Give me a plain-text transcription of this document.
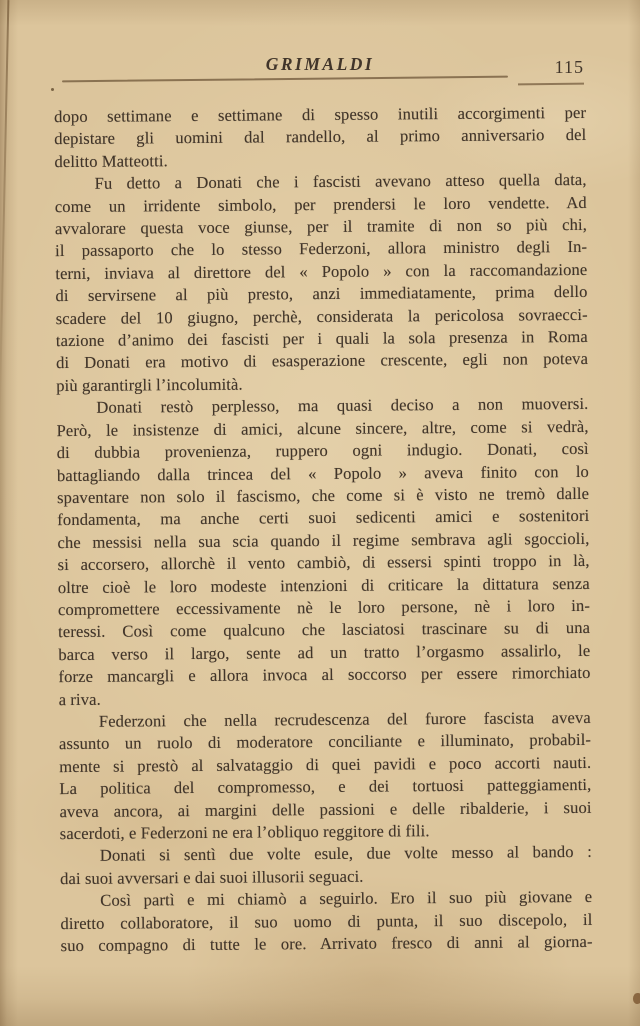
GRIMALDI	115
dopo settimane e settimane di spesso inutili accorgimenti per
depistare gli uomini dal randello, al primo anniversario del
delitto Matteotti.
Fu detto a Donati che i fascisti avevano atteso quella data,
come un irridente simbolo, per prendersi le loro vendette. Ad
avvalorare questa voce giunse, per il tramite di non so più chi,
il passaporto che lo stesso Federzoni, allora ministro degli In-
terni, inviava al direttore del « Popolo » con la raccomandazione
di servirsene al più presto, anzi immediatamente, prima dello
scadere del 10 giugno, perchè, considerata la pericolosa sovraecci-
tazione d’animo dei fascisti per i quali la sola presenza in Roma
di Donati era motivo di esasperazione crescente, egli non poteva
più garantirgli l’incolumità.
Donati restò perplesso, ma quasi deciso a non muoversi.
Però, le insistenze di amici, alcune sincere, altre, come si vedrà,
di dubbia provenienza, ruppero ogni indugio. Donati, così
battagliando dalla trincea del « Popolo » aveva finito con lo
spaventare non solo il fascismo, che come si è visto ne tremò dalle
fondamenta, ma anche certi suoi sedicenti amici e sostenitori
che messisi nella sua scia quando il regime sembrava agli sgoccioli,
si accorsero, allorchè il vento cambiò, di essersi spinti troppo in là,
oltre cioè le loro modeste intenzioni di criticare la dittatura senza
compromettere eccessivamente nè le loro persone, nè i loro in-
teressi. Così come qualcuno che lasciatosi trascinare su di una
barca verso il largo, sente ad un tratto l’orgasmo assalirlo, le
forze mancargli e allora invoca al soccorso per essere rimorchiato
a riva.
Federzoni che nella recrudescenza del furore fascista aveva
assunto un ruolo di moderatore conciliante e illuminato, probabil-
mente si prestò al salvataggio di quei pavidi e poco accorti nauti.
La politica del compromesso, e dei tortuosi patteggiamenti,
aveva ancora, ai margini delle passioni e delle ribalderie, i suoi
sacerdoti, e Federzoni ne era l’obliquo reggitore di fili.
Donati si sentì due volte esule, due volte messo al bando :
dai suoi avversari e dai suoi illusorii seguaci.
Così partì e mi chiamò a seguirlo. Ero il suo più giovane e
diretto collaboratore, il suo uomo di punta, il suo discepolo, il
suo compagno di tutte le ore. Arrivato fresco di anni al giorna-
